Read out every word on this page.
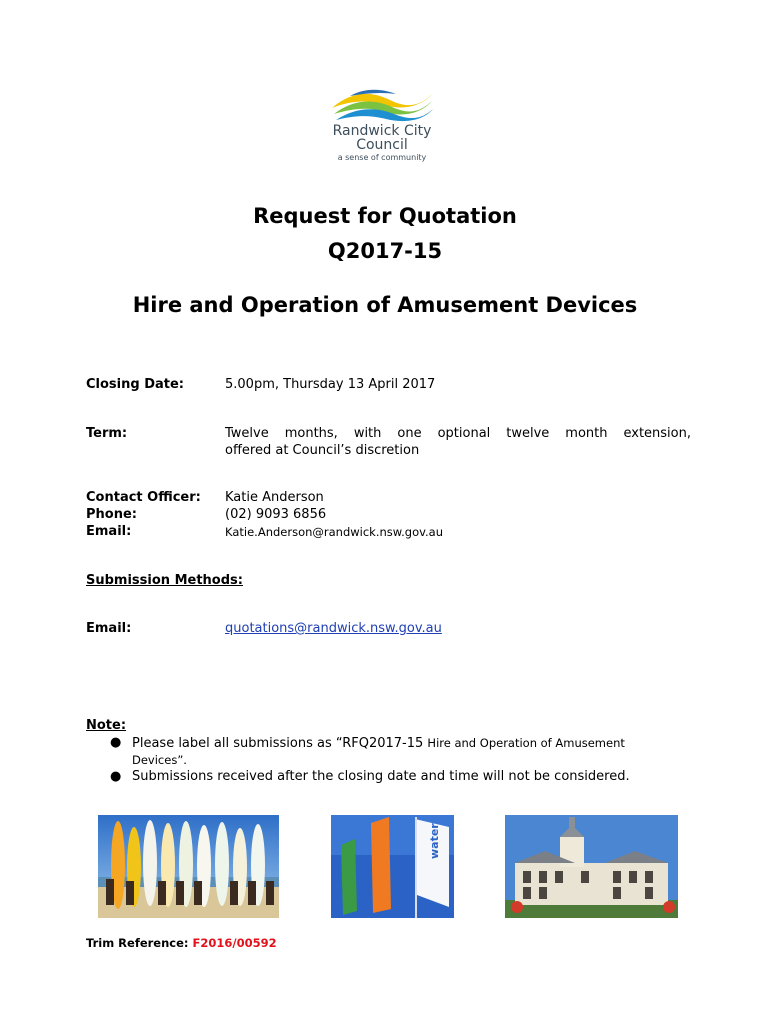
Randwick City
Council
a sense of community
Request for Quotation
Q2017-15
Hire and Operation of Amusement Devices
Closing Date:	5.00pm, Thursday 13 April 2017
Term:	Twelve months, with one optional twelve month extension,
offered at Council’s discretion
Contact Officer: Katie Anderson
Phone:	(02) 9093 6856
Email:	Katie.Anderson@randwick.nsw.gov.au
Submission Methods:
Email:	quotations@randwick.nsw.gov.au
Note:
● Please label all submissions as “RFQ2017-15 Hire and Operation of Amusement
Devices”.
● Submissions received after the closing date and time will not be considered.
water
Trim Reference: F2016/00592
